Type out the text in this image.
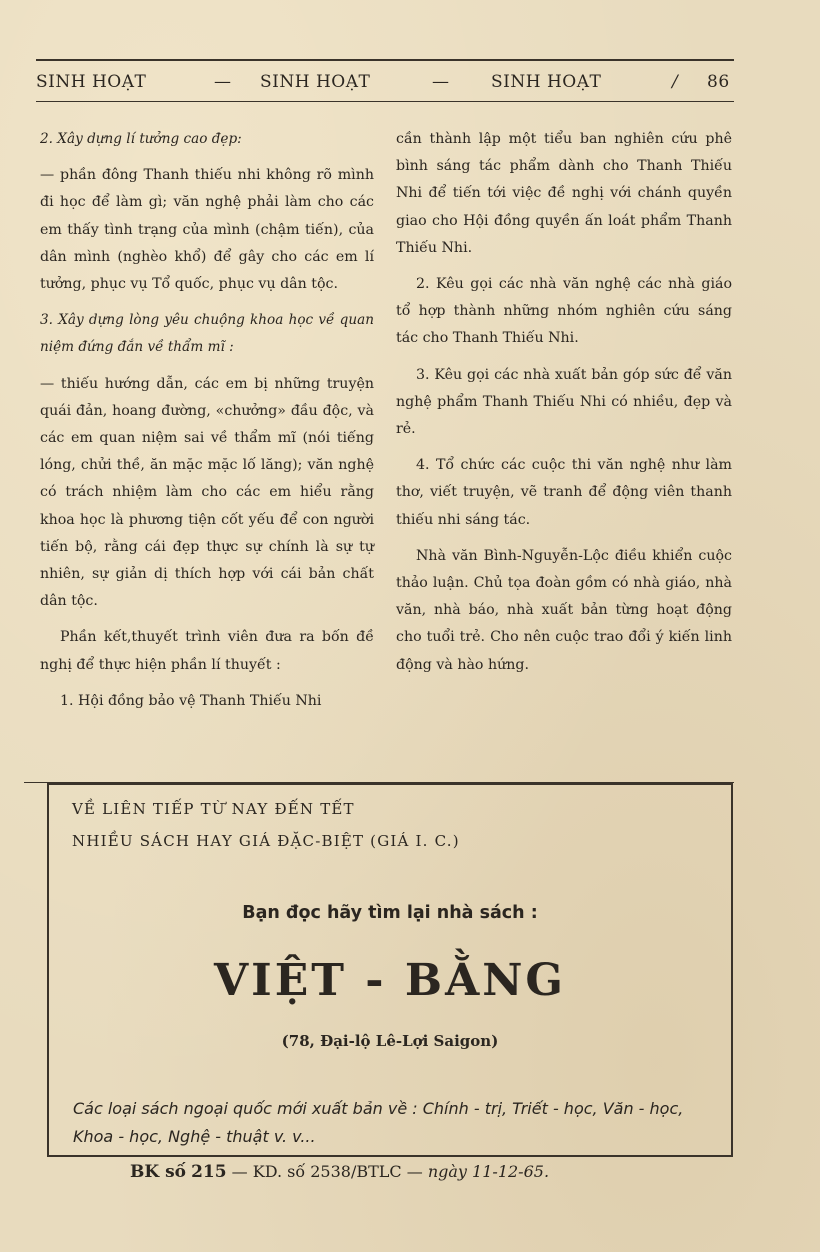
SINH HOẠT	— SINH HOẠT	— SINH HOẠT	/ 86

2. Xây dựng lí tưởng cao đẹp:

— phần đông Thanh thiếu nhi không rõ mình đi học để làm gì; văn nghệ phải làm cho các em thấy tình trạng của mình (chậm tiến), của dân mình (nghèo khổ) để gây cho các em lí tưởng, phục vụ Tổ quốc, phục vụ dân tộc.

3. Xây dựng lòng yêu chuộng khoa học về quan niệm đứng đắn về thẩm mĩ :

— thiếu hướng dẫn, các em bị những truyện quái đản, hoang đường, «chưởng» đầu độc, và các em quan niệm sai về thẩm mĩ (nói tiếng lóng, chửi thề, ăn mặc mặc lố lăng); văn nghệ có trách nhiệm làm cho các em hiểu rằng khoa học là phương tiện cốt yếu để con người tiến bộ, rằng cái đẹp thực sự chính là sự tự nhiên, sự giản dị thích hợp với cái bản chất dân tộc.

Phần kết,thuyết trình viên đưa ra bốn đề nghị để thực hiện phần lí thuyết :

1. Hội đồng bảo vệ Thanh Thiếu Nhi

cần thành lập một tiểu ban nghiên cứu phê bình sáng tác phẩm dành cho Thanh Thiếu Nhi để tiến tới việc đề nghị với chánh quyền giao cho Hội đồng quyền ấn loát phẩm Thanh Thiếu Nhi.

2. Kêu gọi các nhà văn nghệ các nhà giáo tổ hợp thành những nhóm nghiên cứu sáng tác cho Thanh Thiếu Nhi.

3. Kêu gọi các nhà xuất bản góp sức để văn nghệ phẩm Thanh Thiếu Nhi có nhiều, đẹp và rẻ.

4. Tổ chức các cuộc thi văn nghệ như làm thơ, viết truyện, vẽ tranh để động viên thanh thiếu nhi sáng tác.

Nhà văn Bình-Nguyễn-Lộc điều khiển cuộc thảo luận. Chủ tọa đoàn gồm có nhà giáo, nhà văn, nhà báo, nhà xuất bản từng hoạt động cho tuổi trẻ. Cho nên cuộc trao đổi ý kiến linh động và hào hứng.

VỀ LIÊN TIẾP TỪ NAY ĐẾN TẾT
NHIỀU SÁCH HAY GIÁ ĐẶC-BIỆT (GIÁ I. C.)
Bạn đọc hãy tìm lại nhà sách :
VIỆT - BẰNG
(78, Đại-lộ Lê-Lợi Saigon)
Các loại sách ngoại quốc mới xuất bản về : Chính - trị, Triết - học, Văn - học, Khoa - học, Nghệ - thuật v. v...
BK số 215 — KD. số 2538/BTLC — ngày 11-12-65.
